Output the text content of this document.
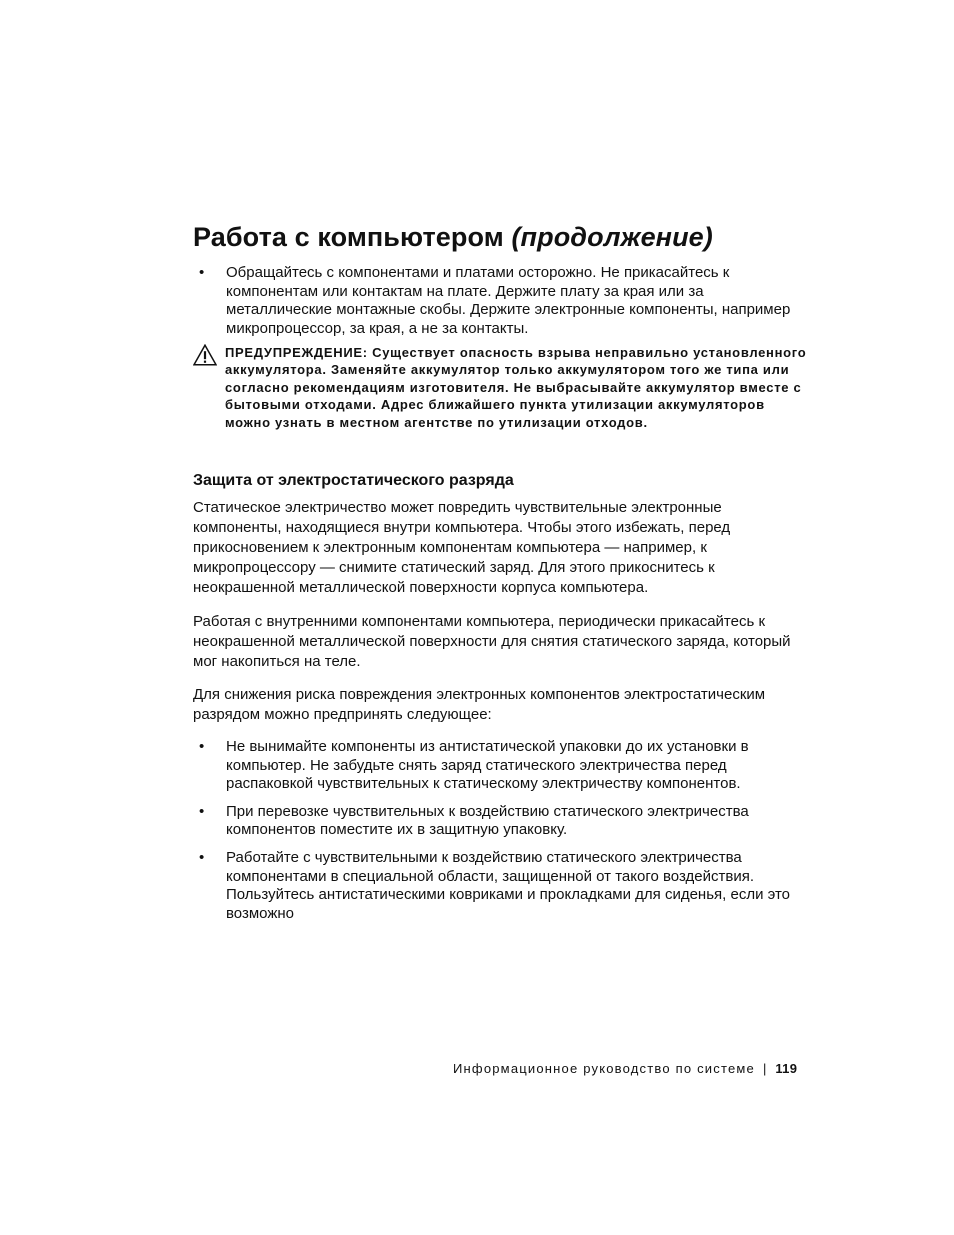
Работа с компьютером (продолжение)
• Обращайтесь с компонентами и платами осторожно. Не прикасайтесь к компонентам или контактам на плате. Держите плату за края или за металлические монтажные скобы. Держите электронные компоненты, например микропроцессор, за края, а не за контакты.
ПРЕДУПРЕЖДЕНИЕ: Существует опасность взрыва неправильно установленного аккумулятора. Заменяйте аккумулятор только аккумулятором того же типа или согласно рекомендациям изготовителя. Не выбрасывайте аккумулятор вместе с бытовыми отходами. Адрес ближайшего пункта утилизации аккумуляторов можно узнать в местном агентстве по утилизации отходов.
Защита от электростатического разряда

Статическое электричество может повредить чувствительные электронные компоненты, находящиеся внутри компьютера. Чтобы этого избежать, перед прикосновением к электронным компонентам компьютера — например, к микропроцессору — снимите статический заряд. Для этого прикоснитесь к неокрашенной металлической поверхности корпуса компьютера.

Работая с внутренними компонентами компьютера, периодически прикасайтесь к неокрашенной металлической поверхности для снятия статического заряда, который мог накопиться на теле.

Для снижения риска повреждения электронных компонентов электростатическим разрядом можно предпринять следующее:

• Не вынимайте компоненты из антистатической упаковки до их установки в компьютер. Не забудьте снять заряд статического электричества перед распаковкой чувствительных к статическому электричеству компонентов.
• При перевозке чувствительных к воздействию статического электричества компонентов поместите их в защитную упаковку.
• Работайте с чувствительными к воздействию статического электричества компонентами в специальной области, защищенной от такого воздействия. Пользуйтесь антистатическими ковриками и прокладками для сиденья, если это возможно
Информационное руководство по системе | 119
